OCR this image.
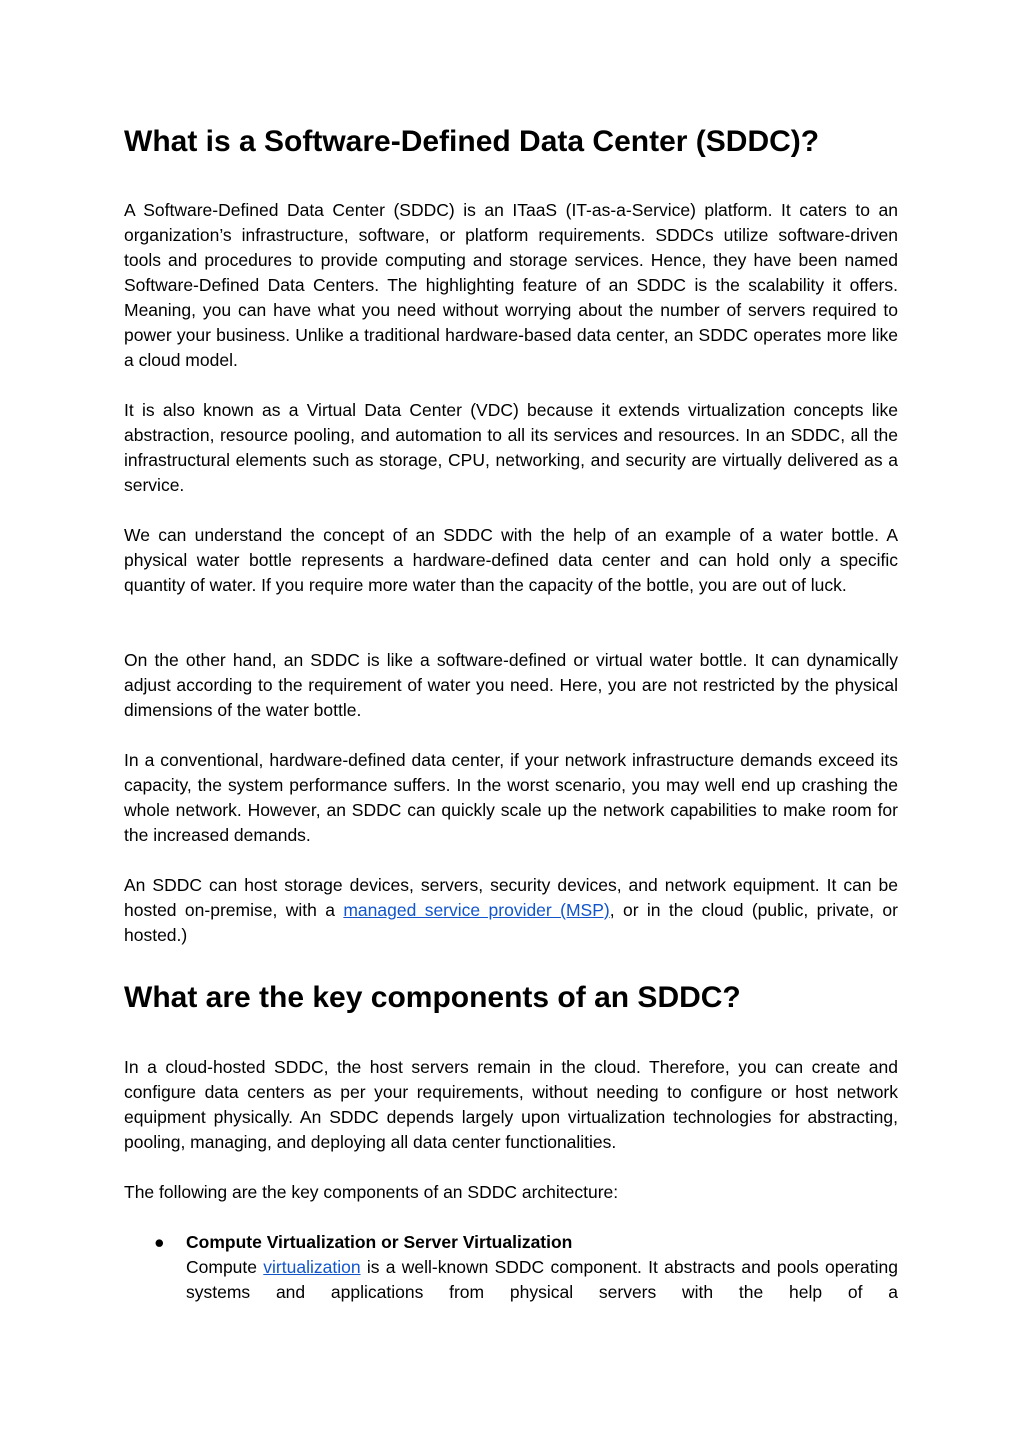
What is a Software-Defined Data Center (SDDC)?

A Software-Defined Data Center (SDDC) is an ITaaS (IT-as-a-Service) platform. It caters to an organization’s infrastructure, software, or platform requirements. SDDCs utilize software-driven tools and procedures to provide computing and storage services. Hence, they have been named Software-Defined Data Centers. The highlighting feature of an SDDC is the scalability it offers. Meaning, you can have what you need without worrying about the number of servers required to power your business. Unlike a traditional hardware-based data center, an SDDC operates more like a cloud model.

It is also known as a Virtual Data Center (VDC) because it extends virtualization concepts like abstraction, resource pooling, and automation to all its services and resources. In an SDDC, all the infrastructural elements such as storage, CPU, networking, and security are virtually delivered as a service.

We can understand the concept of an SDDC with the help of an example of a water bottle. A physical water bottle represents a hardware-defined data center and can hold only a specific quantity of water. If you require more water than the capacity of the bottle, you are out of luck.

On the other hand, an SDDC is like a software-defined or virtual water bottle. It can dynamically adjust according to the requirement of water you need. Here, you are not restricted by the physical dimensions of the water bottle.

In a conventional, hardware-defined data center, if your network infrastructure demands exceed its capacity, the system performance suffers. In the worst scenario, you may well end up crashing the whole network. However, an SDDC can quickly scale up the network capabilities to make room for the increased demands.

An SDDC can host storage devices, servers, security devices, and network equipment. It can be hosted on-premise, with a managed service provider (MSP), or in the cloud (public, private, or hosted.)

What are the key components of an SDDC?

In a cloud-hosted SDDC, the host servers remain in the cloud. Therefore, you can create and configure data centers as per your requirements, without needing to configure or host network equipment physically. An SDDC depends largely upon virtualization technologies for abstracting, pooling, managing, and deploying all data center functionalities.

The following are the key components of an SDDC architecture:

● Compute Virtualization or Server Virtualization
Compute virtualization is a well-known SDDC component. It abstracts and pools operating systems and applications from physical servers with the help of a
